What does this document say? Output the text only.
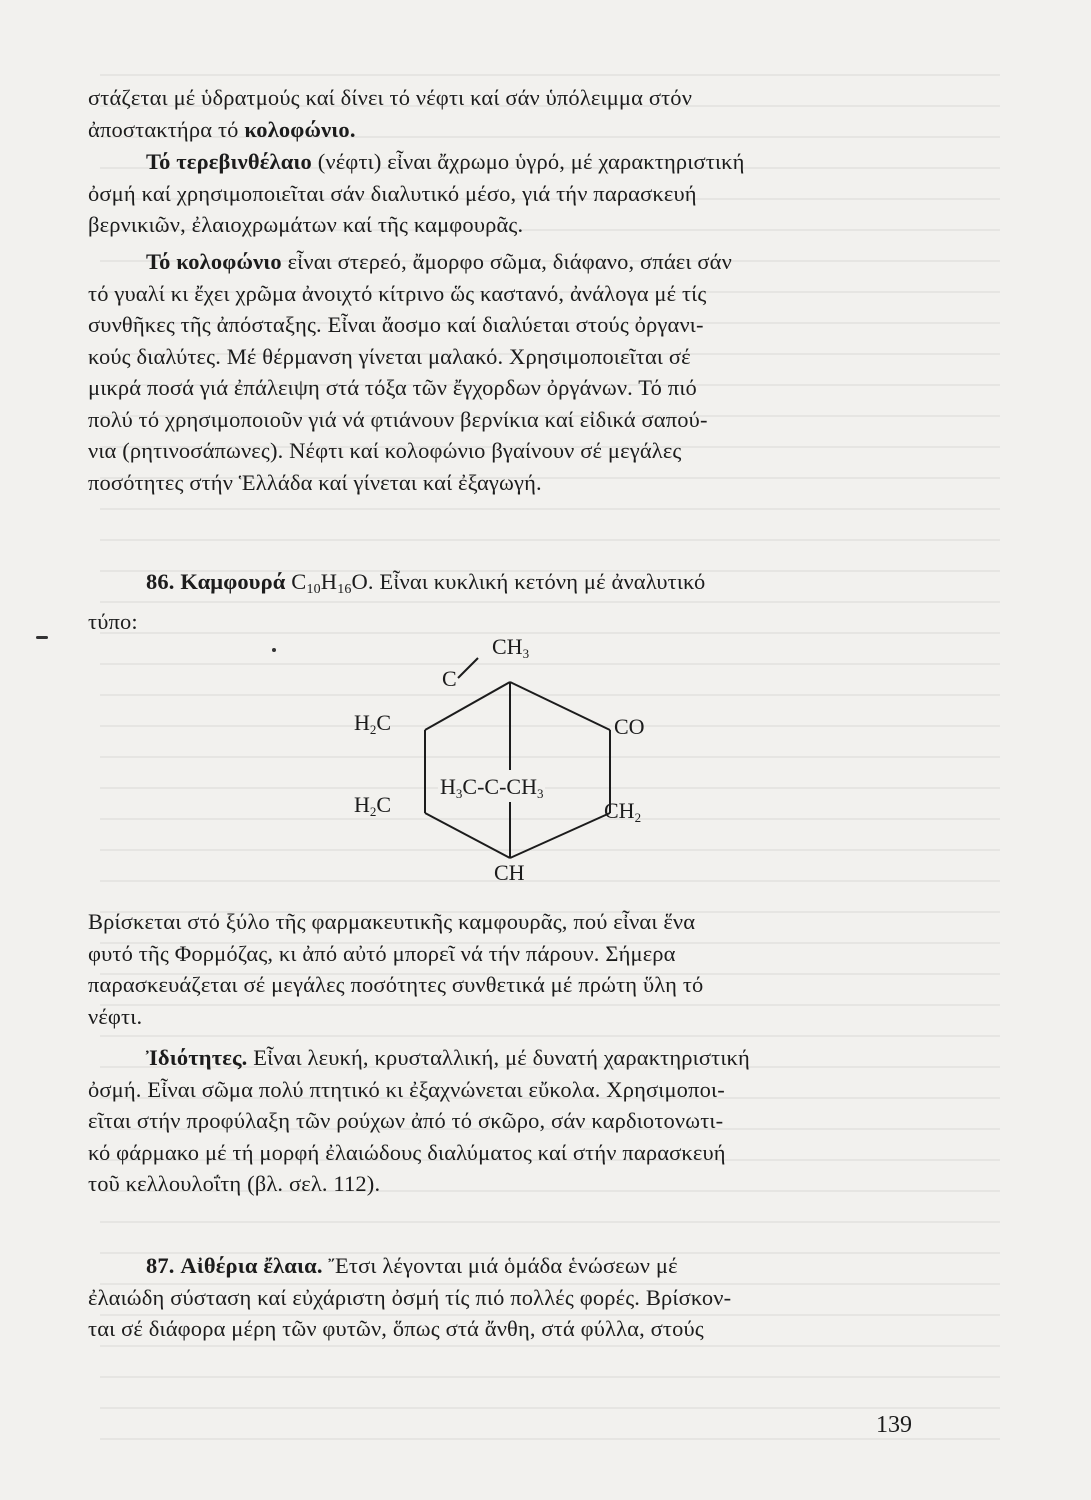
στάζεται μέ ὑδρατμούς καί δίνει τό νέφτι καί σάν ὑπόλειμμα στόν
ἀποστακτήρα τό κολοφώνιο.
Τό τερεβινθέλαιο (νέφτι) εἶναι ἄχρωμο ὑγρό, μέ χαρακτηριστική
ὀσμή καί χρησιμοποιεῖται σάν διαλυτικό μέσο, γιά τήν παρασκευή
βερνικιῶν, ἐλαιοχρωμάτων καί τῆς καμφουρᾶς.
Τό κολοφώνιο εἶναι στερεό, ἄμορφο σῶμα, διάφανο, σπάει σάν
τό γυαλί κι ἔχει χρῶμα ἀνοιχτό κίτρινο ὥς καστανό, ἀνάλογα μέ τίς
συνθῆκες τῆς ἀπόσταξης. Εἶναι ἄοσμο καί διαλύεται στούς ὀργανι-
κούς διαλύτες. Μέ θέρμανση γίνεται μαλακό. Χρησιμοποιεῖται σέ
μικρά ποσά γιά ἐπάλειψη στά τόξα τῶν ἔγχορδων ὀργάνων. Τό πιό
πολύ τό χρησιμοποιοῦν γιά νά φτιάνουν βερνίκια καί εἰδικά σαπού-
νια (ρητινοσάπωνες). Νέφτι καί κολοφώνιο βγαίνουν σέ μεγάλες
ποσότητες στήν Ἑλλάδα καί γίνεται καί ἐξαγωγή.
86. Καμφουρά $C_{10}H_{16}O$. Εἶναι κυκλική κετόνη μέ ἀναλυτικό
τύπο:
CH3
C
H2C	CO
H3C-C-CH3
H2C	CH2
CH
Βρίσκεται στό ξύλο τῆς φαρμακευτικῆς καμφουρᾶς, πού εἶναι ἕνα
φυτό τῆς Φορμόζας, κι ἀπό αὐτό μπορεῖ νά τήν πάρουν. Σήμερα
παρασκευάζεται σέ μεγάλες ποσότητες συνθετικά μέ πρώτη ὕλη τό
νέφτι.
Ἰδιότητες. Εἶναι λευκή, κρυσταλλική, μέ δυνατή χαρακτηριστική
ὀσμή. Εἶναι σῶμα πολύ πτητικό κι ἐξαχνώνεται εὔκολα. Χρησιμοποι-
εῖται στήν προφύλαξη τῶν ρούχων ἀπό τό σκῶρο, σάν καρδιοτονωτι-
κό φάρμακο μέ τή μορφή ἐλαιώδους διαλύματος καί στήν παρασκευή
τοῦ κελλουλοΐτη (βλ. σελ. 112).
87. Αἰθέρια ἔλαια. Ἔτσι λέγονται μιά ὁμάδα ἑνώσεων μέ
ἐλαιώδη σύσταση καί εὐχάριστη ὀσμή τίς πιό πολλές φορές. Βρίσκον-
ται σέ διάφορα μέρη τῶν φυτῶν, ὅπως στά ἄνθη, στά φύλλα, στούς
139
